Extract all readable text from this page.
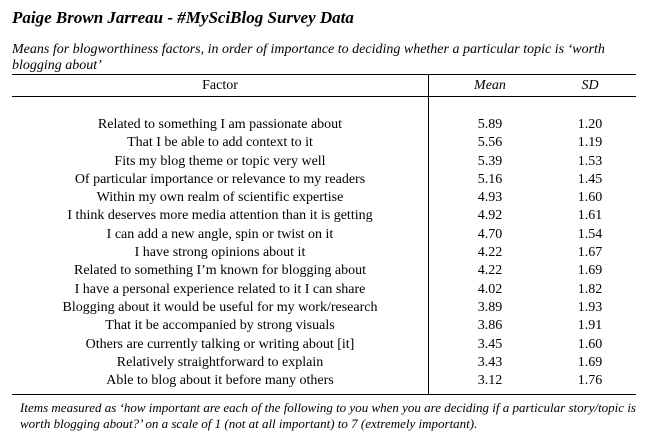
Paige Brown Jarreau - #MySciBlog Survey Data
Means for blogworthiness factors, in order of importance to deciding whether a particular topic is ‘worth blogging about’
Factor	Mean	SD
Related to something I am passionate about	5.89	1.20
That I be able to add context to it	5.56	1.19
Fits my blog theme or topic very well	5.39	1.53
Of particular importance or relevance to my readers	5.16	1.45
Within my own realm of scientific expertise	4.93	1.60
I think deserves more media attention than it is getting	4.92	1.61
I can add a new angle, spin or twist on it	4.70	1.54
I have strong opinions about it	4.22	1.67
Related to something I’m known for blogging about	4.22	1.69
I have a personal experience related to it I can share	4.02	1.82
Blogging about it would be useful for my work/research	3.89	1.93
That it be accompanied by strong visuals	3.86	1.91
Others are currently talking or writing about [it]	3.45	1.60
Relatively straightforward to explain	3.43	1.69
Able to blog about it before many others	3.12	1.76
Items measured as ‘how important are each of the following to you when you are deciding if a particular story/topic is worth blogging about?’ on a scale of 1 (not at all important) to 7 (extremely important).
